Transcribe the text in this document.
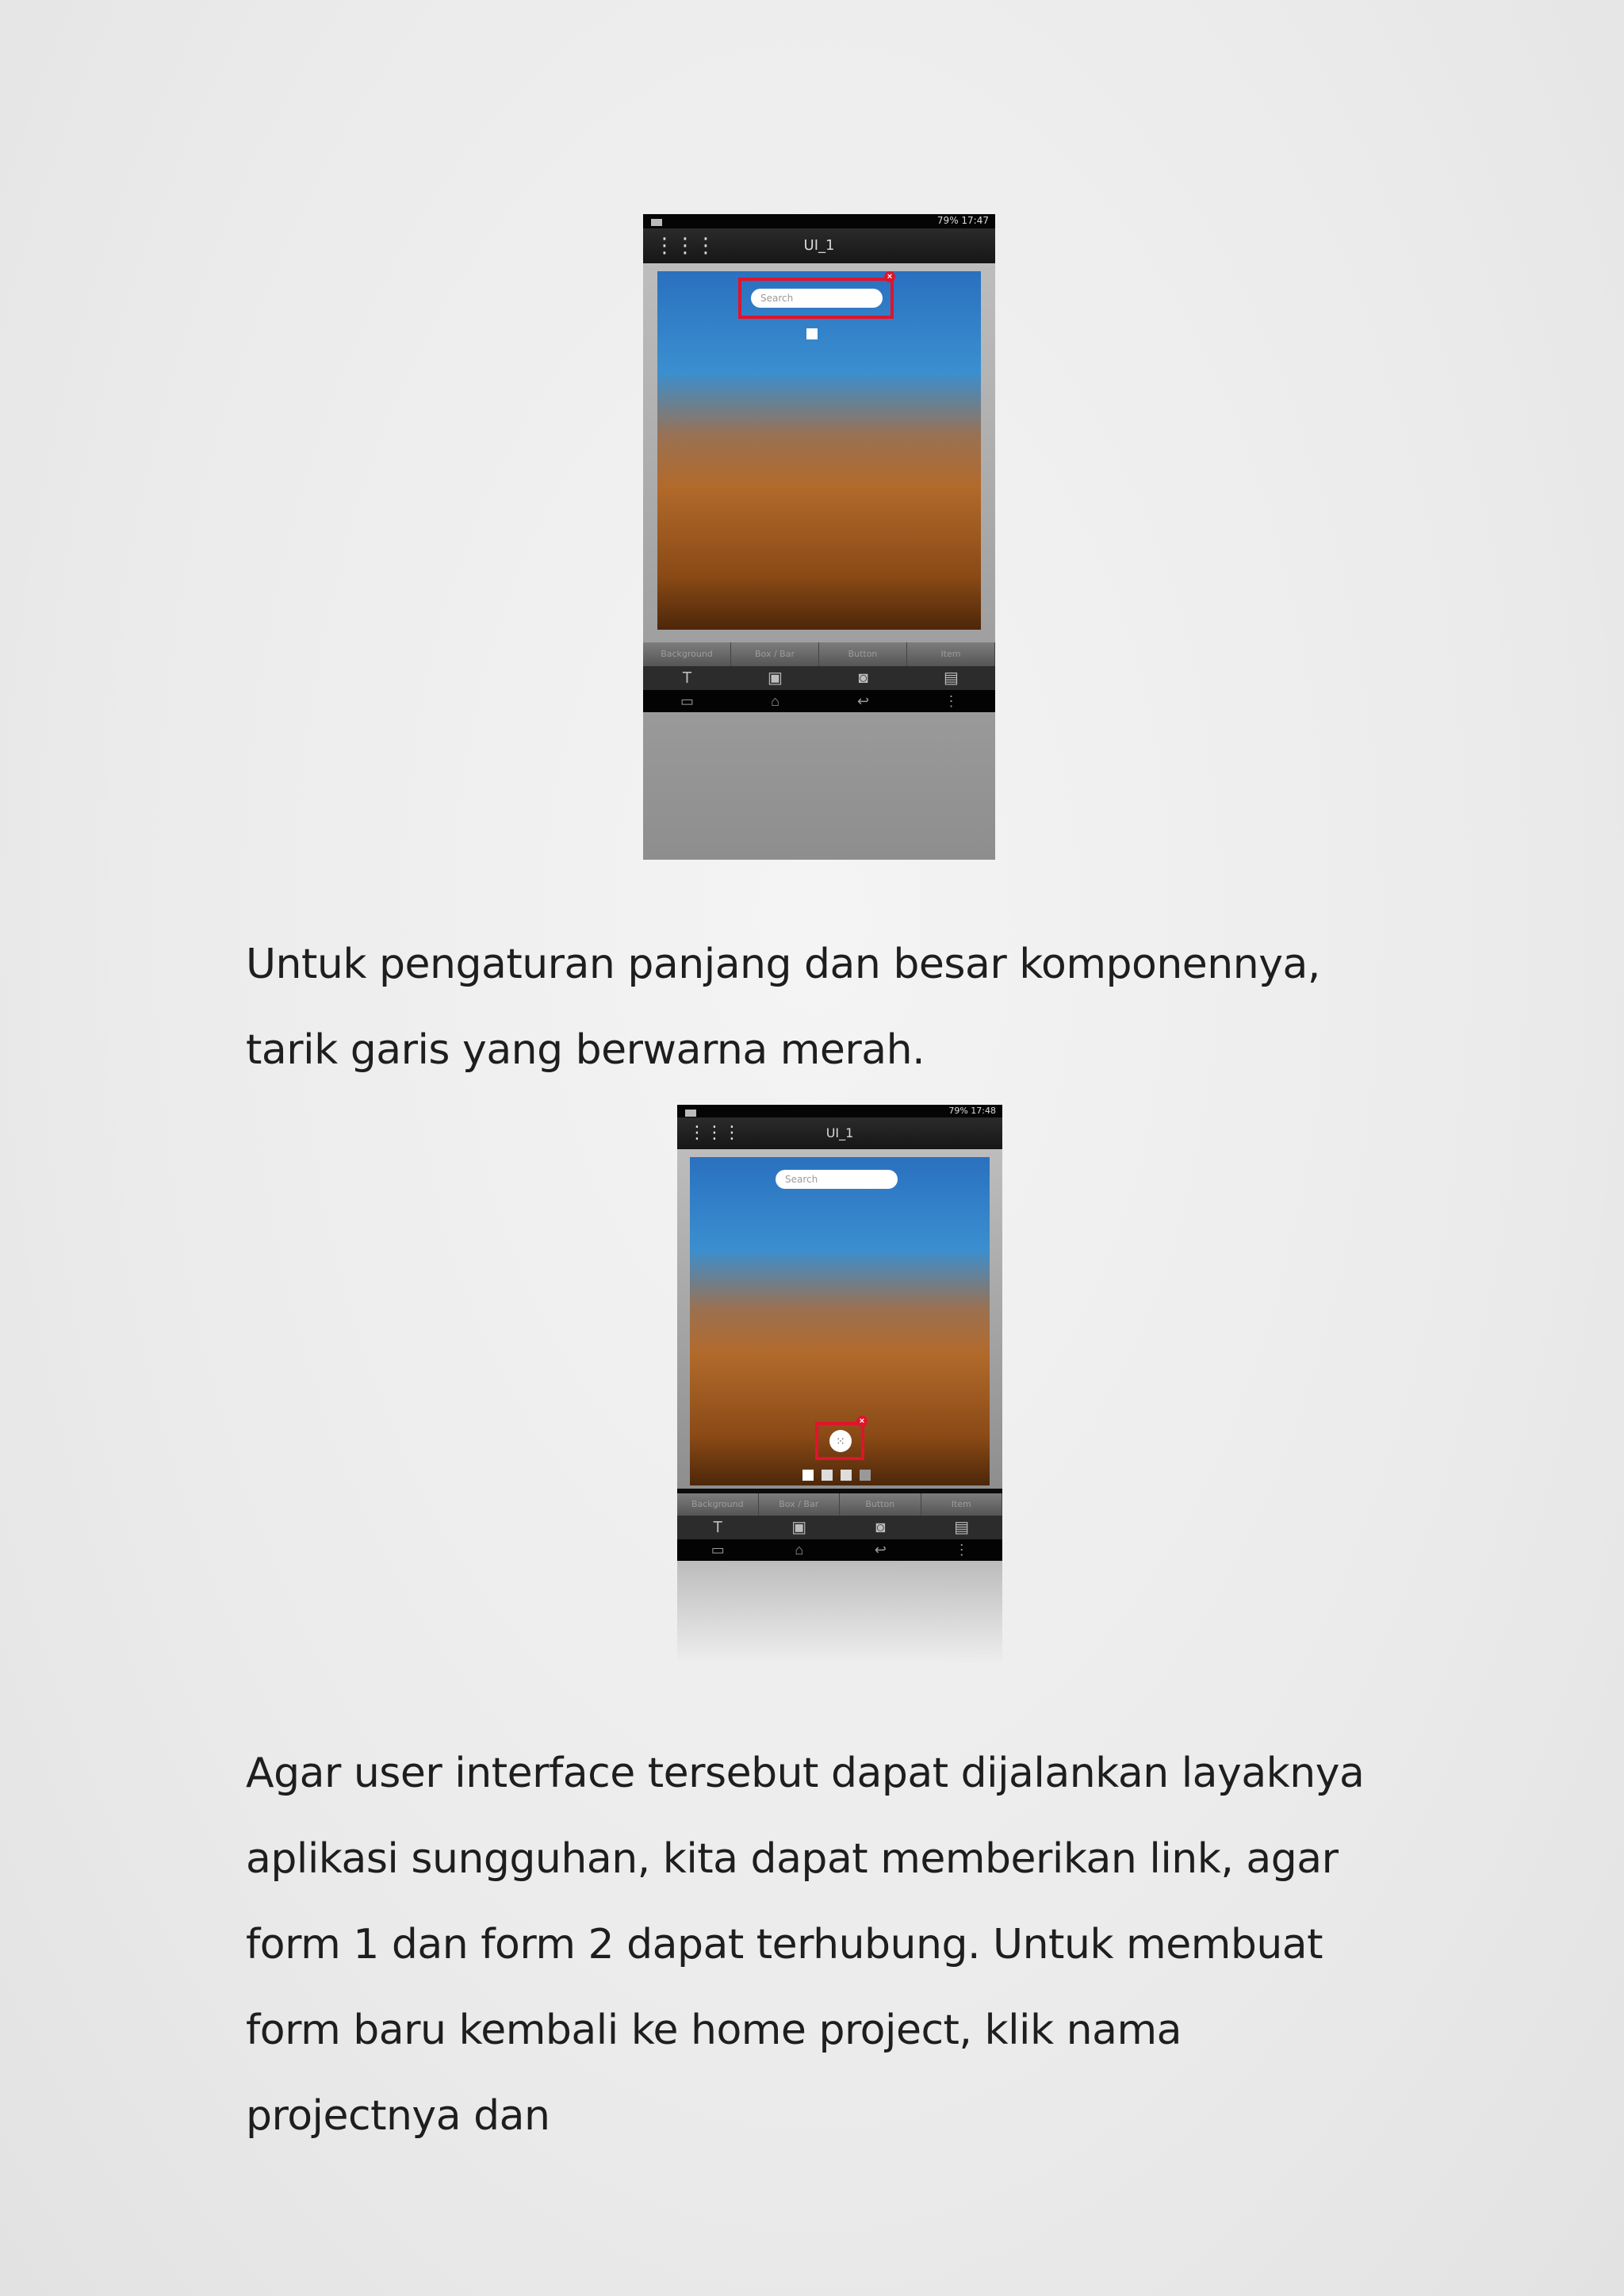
79% 17:47
⋮⋮⋮	UI_1
Search
×
Background	Box / Bar	Button	Item
T	▣	◙	▤
▭	⌂	↩	⋮

Untuk pengaturan panjang dan besar komponennya, tarik garis yang berwarna merah.

79% 17:48
⋮⋮⋮	UI_1
Search
⁙
×
Background	Box / Bar	Button	Item
T	▣	◙	▤
▭	⌂	↩	⋮

Agar user interface tersebut dapat dijalankan layaknya aplikasi sungguhan, kita dapat memberikan link, agar form 1 dan form 2 dapat terhubung. Untuk membuat form baru kembali ke home project, klik nama projectnya dan
